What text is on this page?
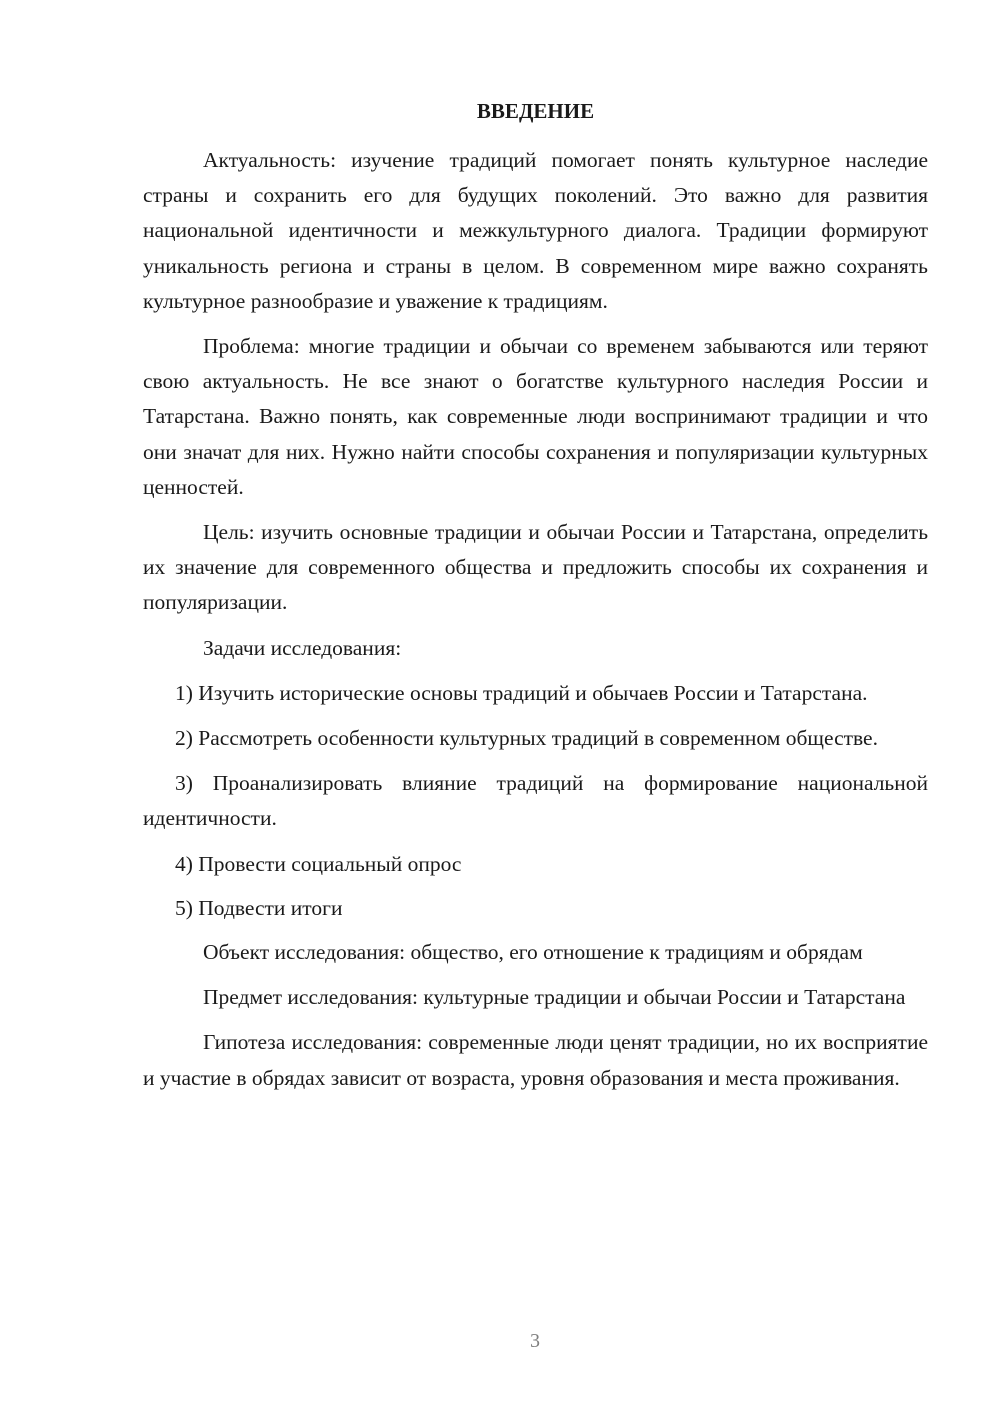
ВВЕДЕНИЕ

Актуальность: изучение традиций помогает понять культурное наследие страны и сохранить его для будущих поколений. Это важно для развития национальной идентичности и межкультурного диалога. Традиции формируют уникальность региона и страны в целом. В современном мире важно сохранять культурное разнообразие и уважение к традициям.

Проблема: многие традиции и обычаи со временем забываются или теряют свою актуальность. Не все знают о богатстве культурного наследия России и Татарстана. Важно понять, как современные люди воспринимают традиции и что они значат для них. Нужно найти способы сохранения и популяризации культурных ценностей.

Цель: изучить основные традиции и обычаи России и Татарстана, определить их значение для современного общества и предложить способы их сохранения и популяризации.

Задачи исследования:

1) Изучить исторические основы традиций и обычаев России и Татарстана.

2) Рассмотреть особенности культурных традиций в современном обществе.

3) Проанализировать влияние традиций на формирование национальной идентичности.

4) Провести социальный опрос

5) Подвести итоги

Объект исследования: общество, его отношение к традициям и обрядам

Предмет исследования: культурные традиции и обычаи России и Татарстана

Гипотеза исследования: современные люди ценят традиции, но их восприятие и участие в обрядах зависит от возраста, уровня образования и места проживания.

3
